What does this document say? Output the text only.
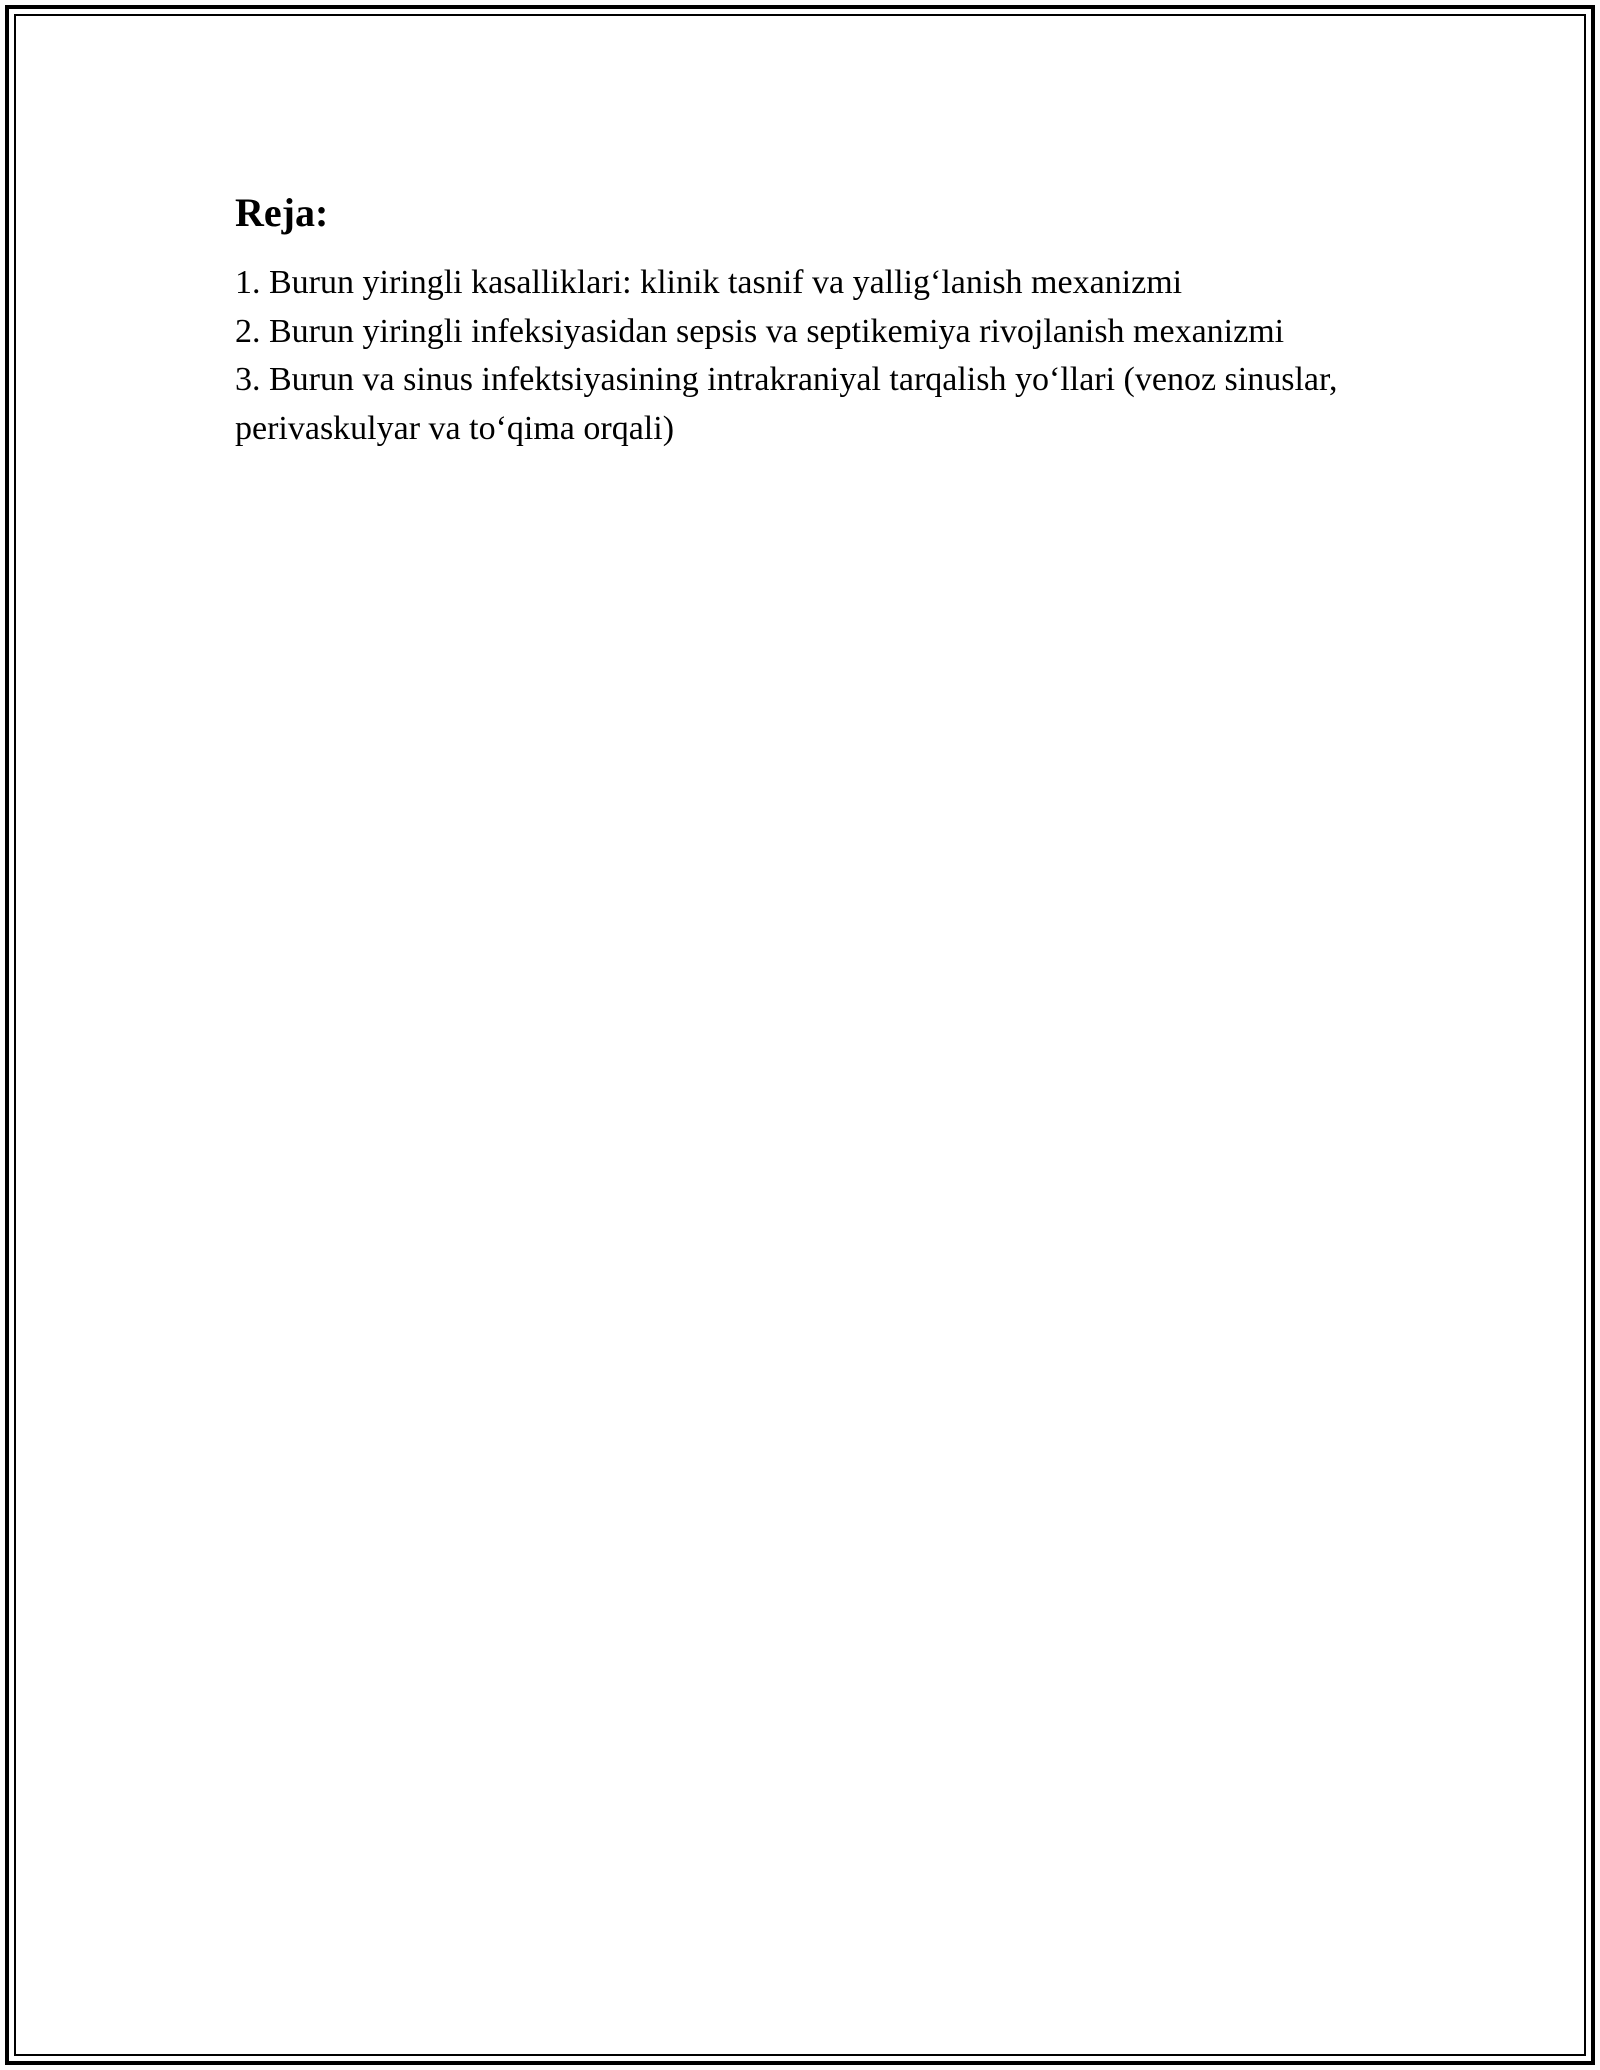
Reja:
1. Burun yiringli kasalliklari: klinik tasnif va yallig‘lanish mexanizmi
2. Burun yiringli infeksiyasidan sepsis va septikemiya rivojlanish mexanizmi
3. Burun va sinus infektsiyasining intrakraniyal tarqalish yo‘llari (venoz sinuslar, perivaskulyar va to‘qima orqali)
